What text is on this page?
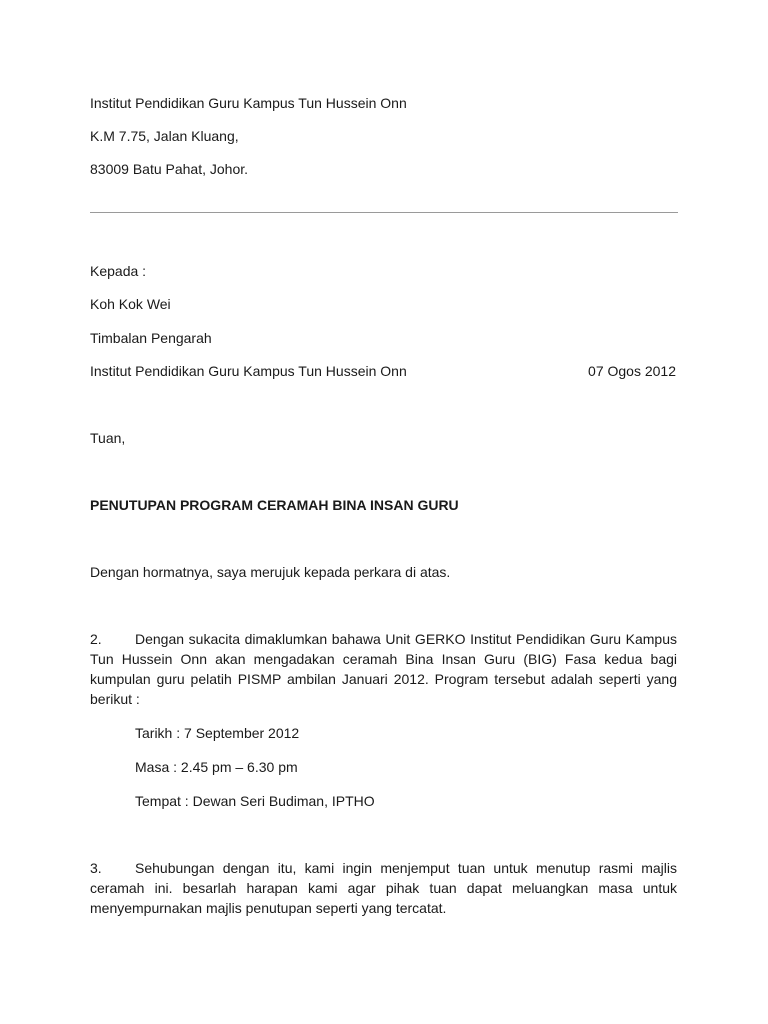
Institut Pendidikan Guru Kampus Tun Hussein Onn
K.M 7.75, Jalan Kluang,
83009 Batu Pahat, Johor.
Kepada :
Koh Kok Wei
Timbalan Pengarah
Institut Pendidikan Guru Kampus Tun Hussein Onn	07 Ogos 2012
Tuan,
PENUTUPAN PROGRAM CERAMAH BINA INSAN GURU
Dengan hormatnya, saya merujuk kepada perkara di atas.
2. Dengan sukacita dimaklumkan bahawa Unit GERKO Institut Pendidikan Guru Kampus Tun Hussein Onn akan mengadakan ceramah Bina Insan Guru (BIG) Fasa kedua bagi kumpulan guru pelatih PISMP ambilan Januari 2012. Program tersebut adalah seperti yang berikut :
Tarikh : 7 September 2012
Masa : 2.45 pm – 6.30 pm
Tempat : Dewan Seri Budiman, IPTHO
3. Sehubungan dengan itu, kami ingin menjemput tuan untuk menutup rasmi majlis ceramah ini. besarlah harapan kami agar pihak tuan dapat meluangkan masa untuk menyempurnakan majlis penutupan seperti yang tercatat.
